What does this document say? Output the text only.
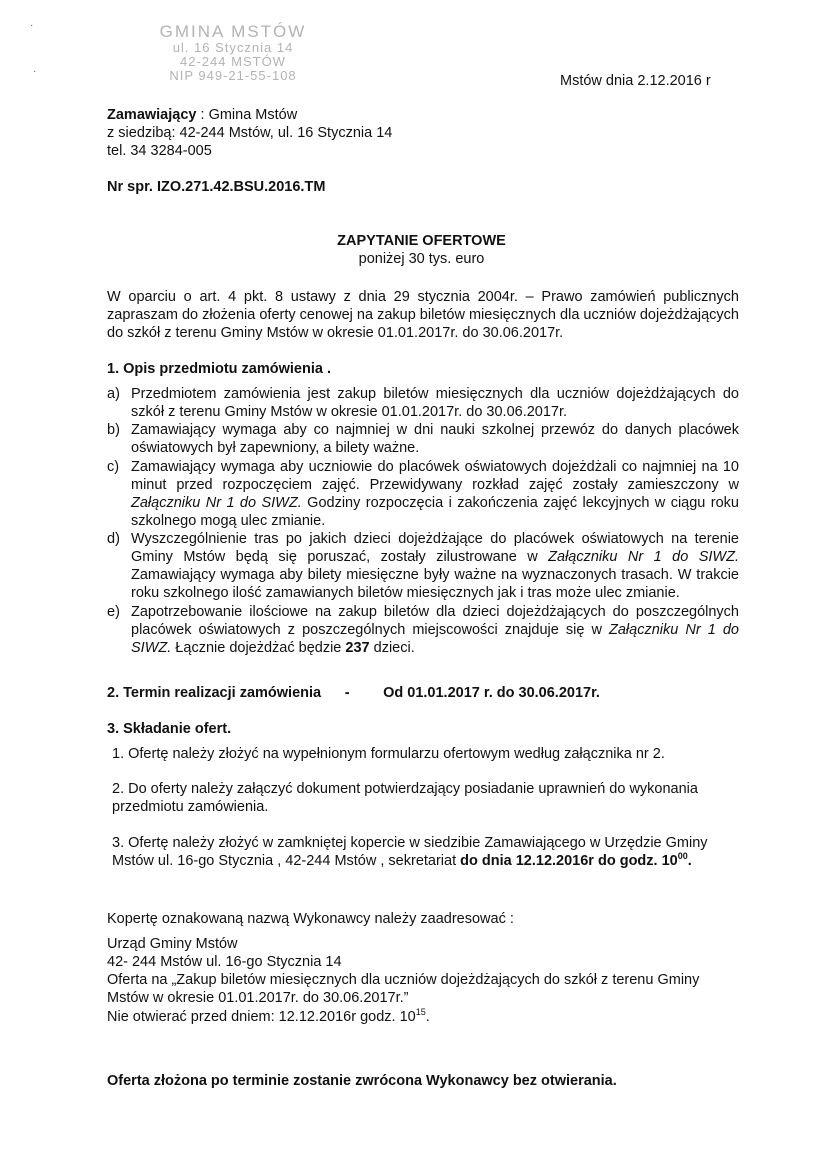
·
·
GMINA MSTÓW
ul. 16 Stycznia 14
42-244 MSTÓW
NIP 949-21-55-108	Mstów dnia 2.12.2016 r
Zamawiający : Gmina Mstów
z siedzibą: 42-244 Mstów, ul. 16 Stycznia 14
tel. 34 3284-005
Nr spr. IZO.271.42.BSU.2016.TM
ZAPYTANIE OFERTOWE
poniżej 30 tys. euro
W oparciu o art. 4 pkt. 8 ustawy z dnia 29 stycznia 2004r. – Prawo zamówień publicznych zapraszam do złożenia oferty cenowej na zakup biletów miesięcznych dla uczniów dojeżdżających do szkół z terenu Gminy Mstów w okresie 01.01.2017r. do 30.06.2017r.
1. Opis przedmiotu zamówienia .
a) Przedmiotem zamówienia jest zakup biletów miesięcznych dla uczniów dojeżdżających do szkół z terenu Gminy Mstów w okresie 01.01.2017r. do 30.06.2017r.
b) Zamawiający wymaga aby co najmniej w dni nauki szkolnej przewóz do danych placówek oświatowych był zapewniony, a bilety ważne.
c) Zamawiający wymaga aby uczniowie do placówek oświatowych dojeżdżali co najmniej na 10 minut przed rozpoczęciem zajęć. Przewidywany rozkład zajęć zostały zamieszczony w Załączniku Nr 1 do SIWZ. Godziny rozpoczęcia i zakończenia zajęć lekcyjnych w ciągu roku szkolnego mogą ulec zmianie.
d) Wyszczególnienie tras po jakich dzieci dojeżdżające do placówek oświatowych na terenie Gminy Mstów będą się poruszać, zostały zilustrowane w Załączniku Nr 1 do SIWZ. Zamawiający wymaga aby bilety miesięczne były ważne na wyznaczonych trasach. W trakcie roku szkolnego ilość zamawianych biletów miesięcznych jak i tras może ulec zmianie.
e) Zapotrzebowanie ilościowe na zakup biletów dla dzieci dojeżdżających do poszczególnych placówek oświatowych z poszczególnych miejscowości znajduje się w Załączniku Nr 1 do SIWZ. Łącznie dojeżdżać będzie 237 dzieci.
2. Termin realizacji zamówienia - Od 01.01.2017 r. do 30.06.2017r.
3. Składanie ofert.
1. Ofertę należy złożyć na wypełnionym formularzu ofertowym według załącznika nr 2.
2. Do oferty należy załączyć dokument potwierdzający posiadanie uprawnień do wykonania przedmiotu zamówienia.
3. Ofertę należy złożyć w zamkniętej kopercie w siedzibie Zamawiającego w Urzędzie Gminy Mstów ul. 16-go Stycznia , 42-244 Mstów , sekretariat do dnia 12.12.2016r do godz. $10^{00}$.
Kopertę oznakowaną nazwą Wykonawcy należy zaadresować :
Urząd Gminy Mstów
42- 244 Mstów ul. 16-go Stycznia 14
Oferta na „Zakup biletów miesięcznych dla uczniów dojeżdżających do szkół z terenu Gminy Mstów w okresie 01.01.2017r. do 30.06.2017r.”
Nie otwierać przed dniem: 12.12.2016r godz. $10^{15}$.
Oferta złożona po terminie zostanie zwrócona Wykonawcy bez otwierania.
